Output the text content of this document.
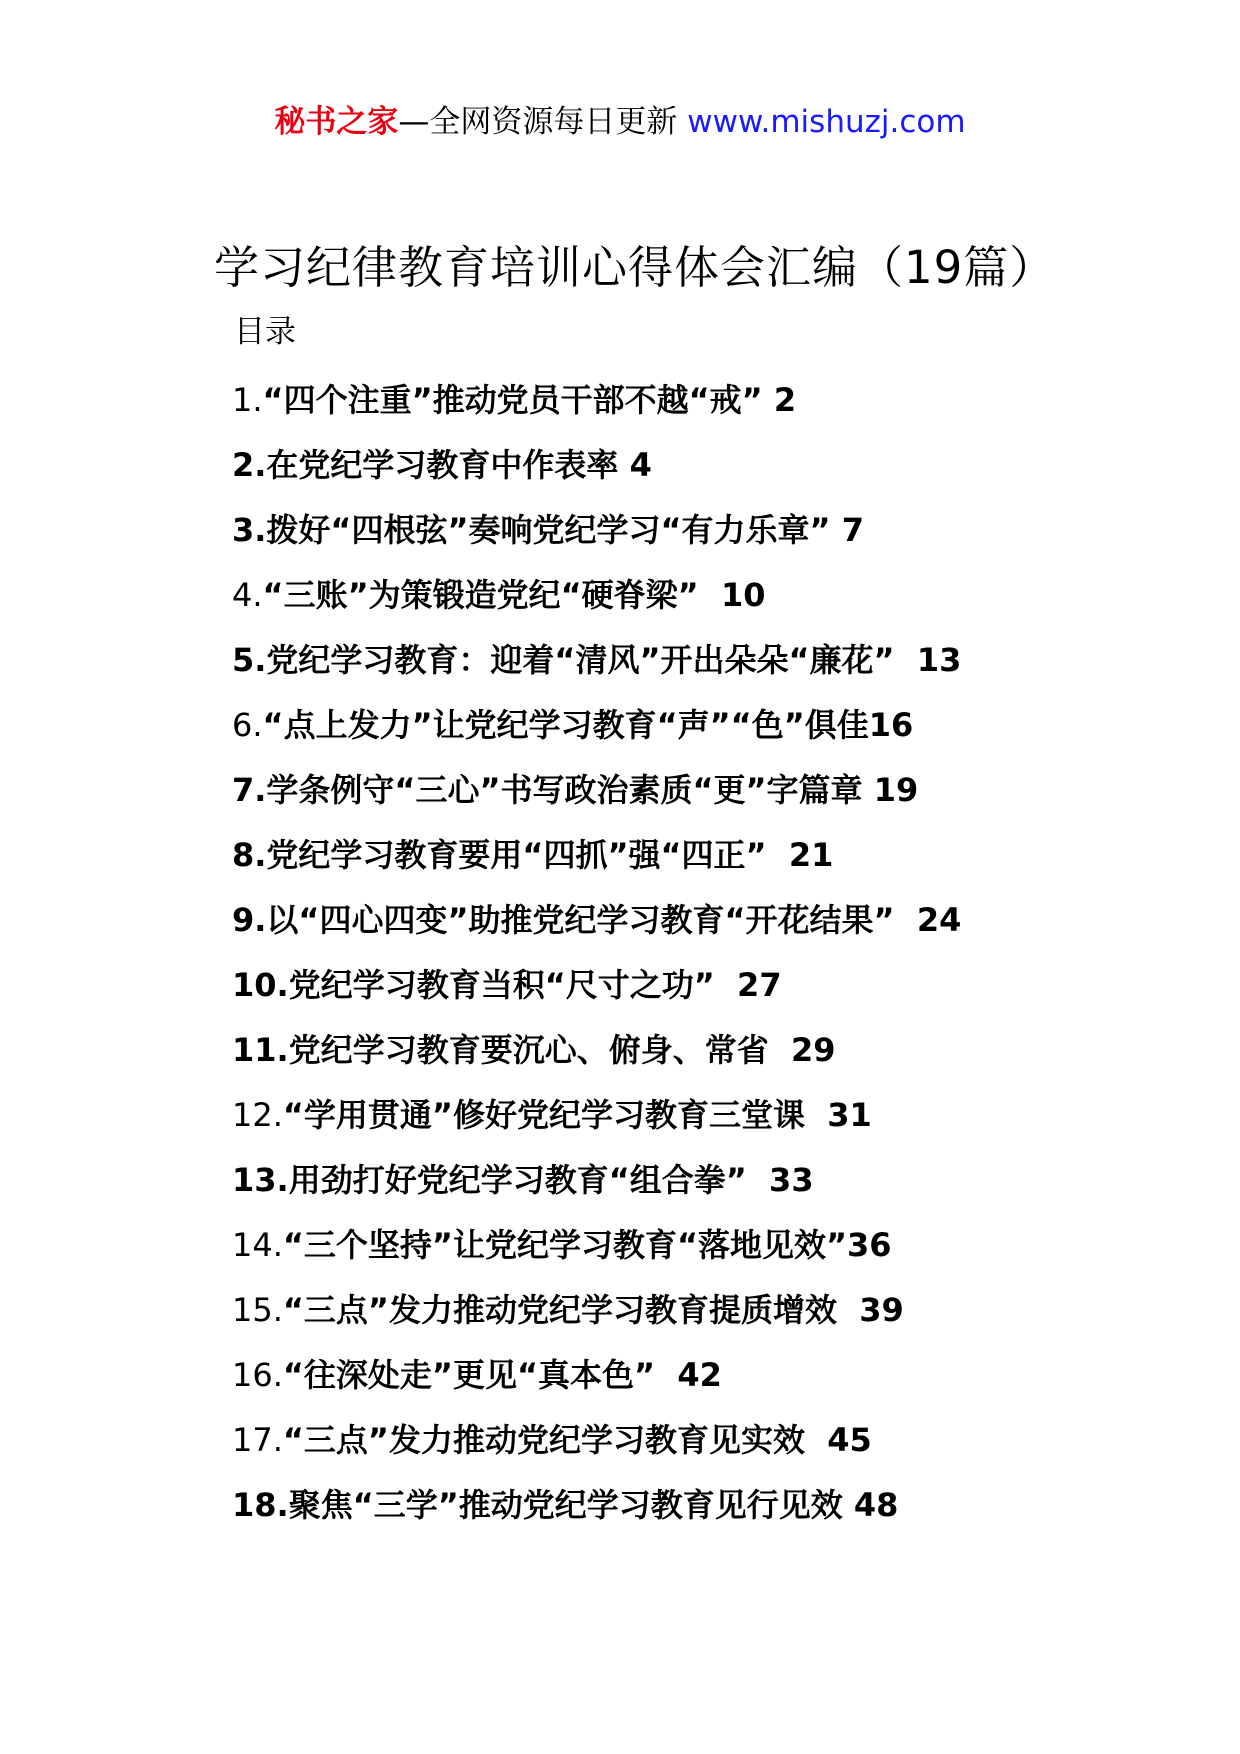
秘书之家—全网资源每日更新 www.mishuzj.com
学习纪律教育培训心得体会汇编（19篇）
目录
1.“四个注重”推动党员干部不越“戒” 2
2.在党纪学习教育中作表率 4
3.拨好“四根弦”奏响党纪学习“有力乐章” 7
4.“三账”为策锻造党纪“硬脊梁”  10
5.党纪学习教育：迎着“清风”开出朵朵“廉花”  13
6.“点上发力”让党纪学习教育“声”“色”俱佳16
7.学条例守“三心”书写政治素质“更”字篇章 19
8.党纪学习教育要用“四抓”强“四正”  21
9.以“四心四变”助推党纪学习教育“开花结果”  24
10.党纪学习教育当积“尺寸之功”  27
11.党纪学习教育要沉心、俯身、常省  29
12.“学用贯通”修好党纪学习教育三堂课  31
13.用劲打好党纪学习教育“组合拳”  33
14.“三个坚持”让党纪学习教育“落地见效”36
15.“三点”发力推动党纪学习教育提质增效  39
16.“往深处走”更见“真本色”  42
17.“三点”发力推动党纪学习教育见实效  45
18.聚焦“三学”推动党纪学习教育见行见效 48
